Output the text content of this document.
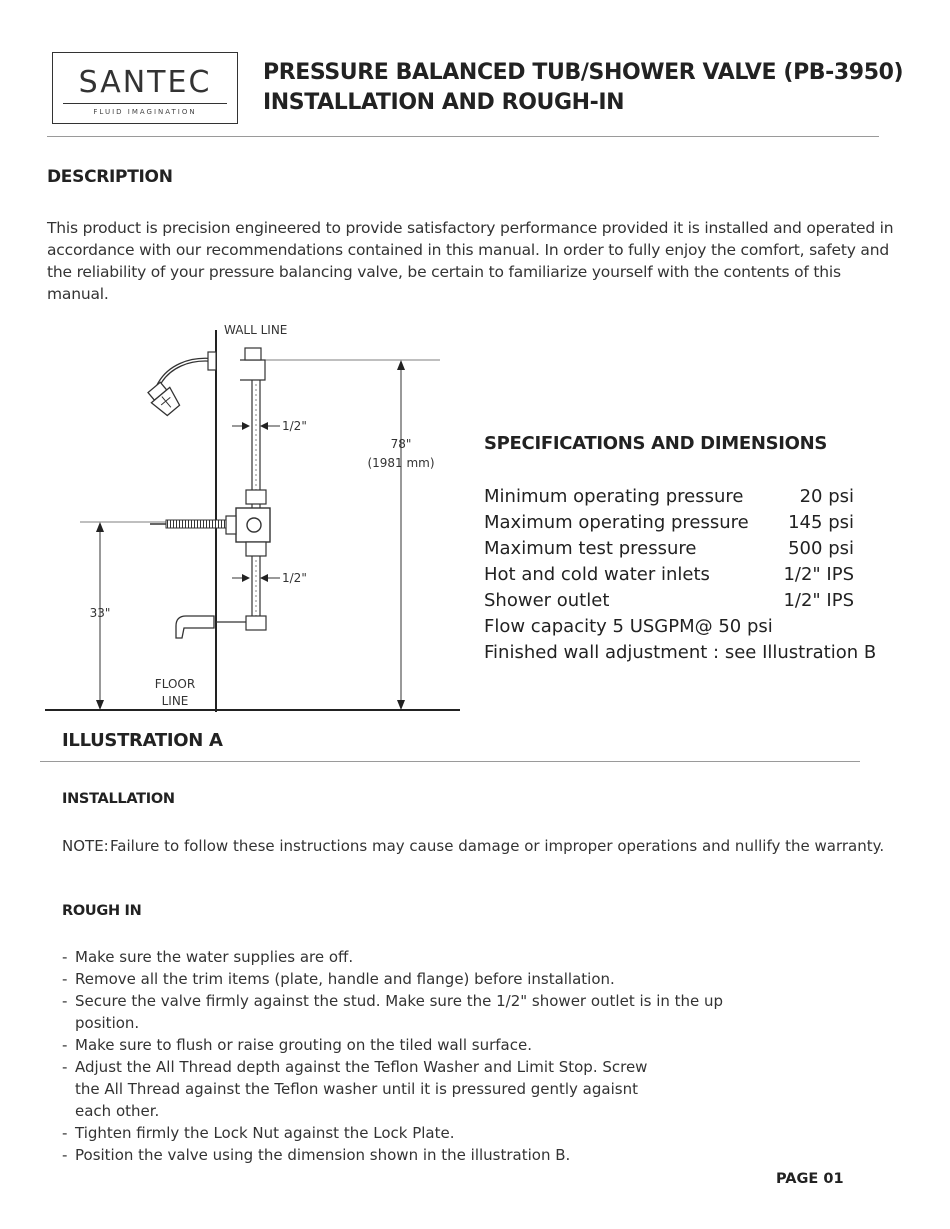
SANTEC
FLUID IMAGINATION
PRESSURE BALANCED TUB/SHOWER VALVE (PB-3950)
INSTALLATION AND ROUGH-IN
DESCRIPTION
This product is precision engineered to provide satisfactory performance provided it is installed and operated in accordance with our recommendations contained in this manual. In order to fully enjoy the comfort, safety and the reliability of your pressure balancing valve, be certain to familiarize yourself with the contents of this manual.
WALL LINE
FLOOR
LINE
78"
(1981 mm)
33"
1/2"
1/2"
SPECIFICATIONS AND DIMENSIONS
Minimum operating pressure	20 psi
Maximum operating pressure 145 psi
Maximum test pressure	500 psi
Hot and cold water inlets	1/2" IPS
Shower outlet	1/2" IPS
Flow capacity 5 USGPM@ 50 psi
Finished wall adjustment : see Illustration B
ILLUSTRATION A
INSTALLATION
NOTE: Failure to follow these instructions may cause damage or improper operations and nullify the warranty.
ROUGH IN
- Make sure the water supplies are off.
- Remove all the trim items (plate, handle and flange) before installation.
- Secure the valve firmly against the stud. Make sure the 1/2" shower outlet is in the up position.
- Make sure to flush or raise grouting on the tiled wall surface.
- Adjust the All Thread depth against the Teflon Washer and Limit Stop. Screw the All Thread against the Teflon washer until it is pressured gently agaisnt each other.
- Tighten firmly the Lock Nut against the Lock Plate.
- Position the valve using the dimension shown in the illustration B.
PAGE 01
